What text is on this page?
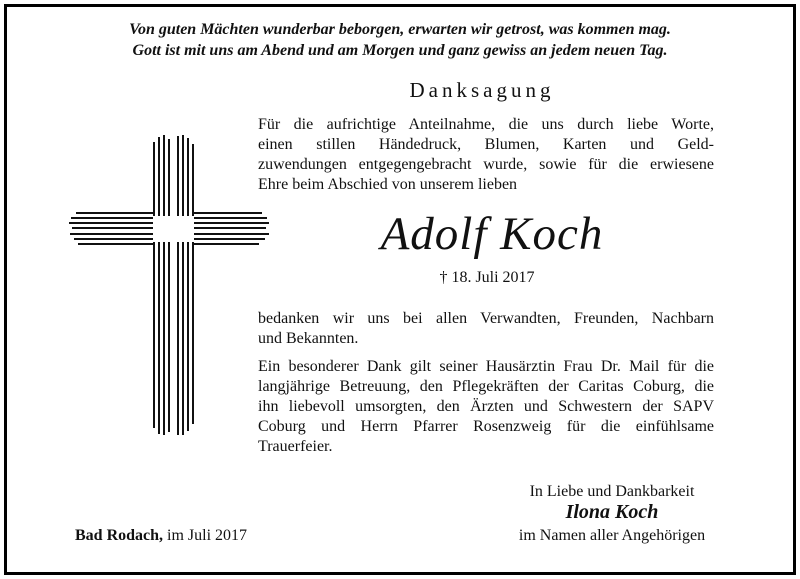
Von guten Mächten wunderbar beborgen, erwarten wir getrost, was kommen mag.
Gott ist mit uns am Abend und am Morgen und ganz gewiss an jedem neuen Tag.
Danksagung
Für die aufrichtige Anteilnahme, die uns durch liebe Worte,
einen stillen Händedruck, Blumen, Karten und Geld-
zuwendungen entgegengebracht wurde, sowie für die erwiesene
Ehre beim Abschied von unserem lieben
Adolf Koch
† 18. Juli 2017
bedanken wir uns bei allen Verwandten, Freunden, Nachbarn
und Bekannten.
Ein besonderer Dank gilt seiner Hausärztin Frau Dr. Mail für die
langjährige Betreuung, den Pflegekräften der Caritas Coburg, die
ihn liebevoll umsorgten, den Ärzten und Schwestern der SAPV
Coburg und Herrn Pfarrer Rosenzweig für die einfühlsame
Trauerfeier.
In Liebe und Dankbarkeit
Ilona Koch
im Namen aller Angehörigen
Bad Rodach, im Juli 2017
